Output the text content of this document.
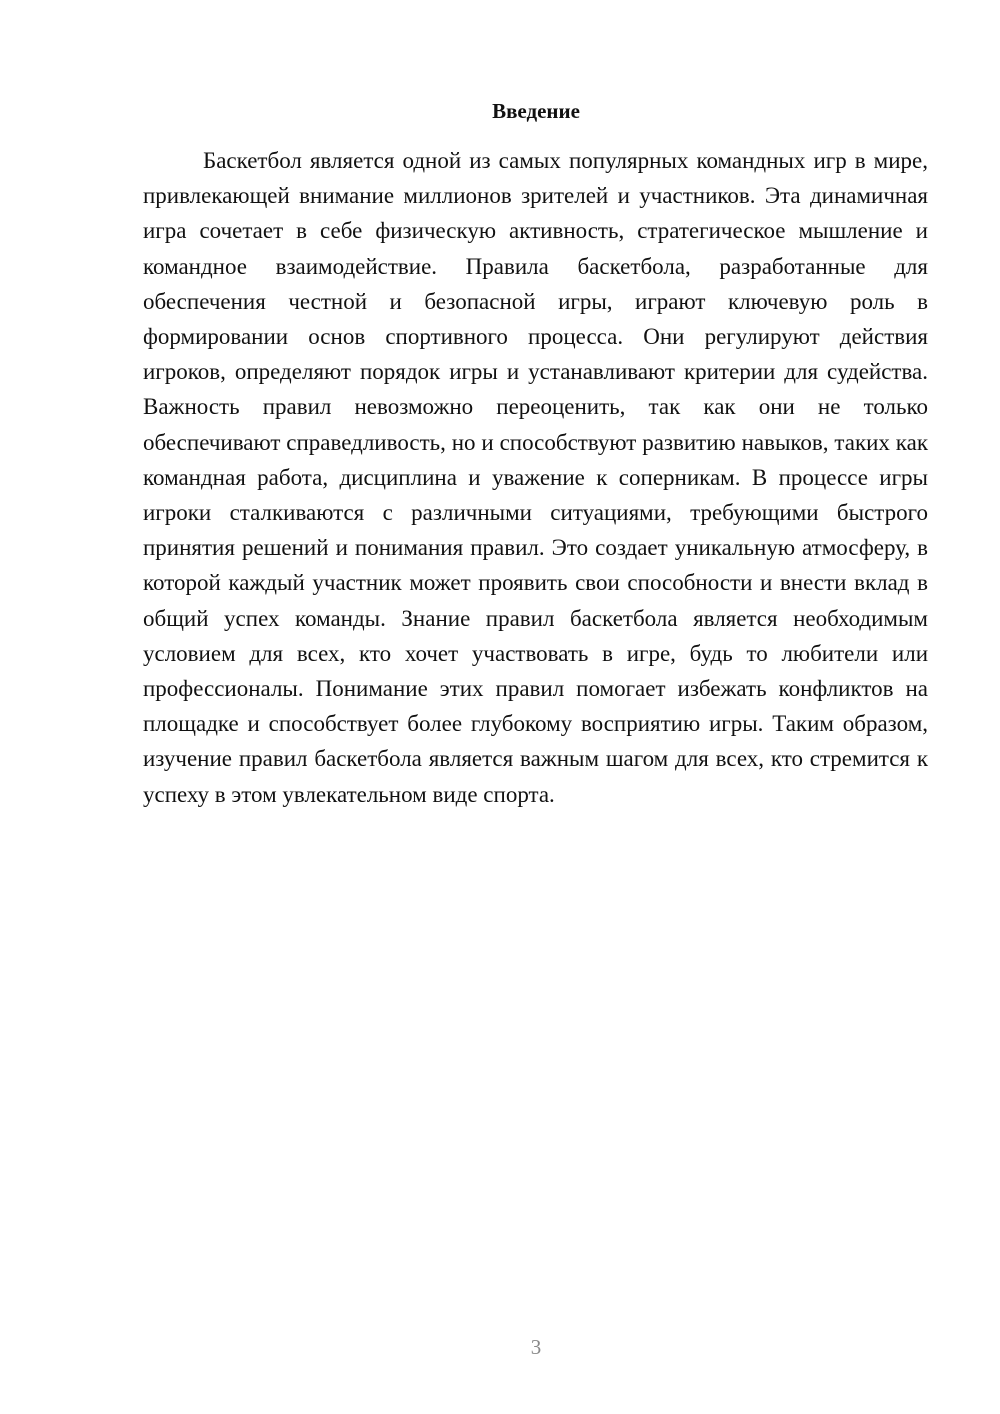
Введение

Баскетбол является одной из самых популярных командных игр в мире, привлекающей внимание миллионов зрителей и участников. Эта динамичная игра сочетает в себе физическую активность, стратегическое мышление и командное взаимодействие. Правила баскетбола, разработанные для обеспечения честной и безопасной игры, играют ключевую роль в формировании основ спортивного процесса. Они регулируют действия игроков, определяют порядок игры и устанавливают критерии для судейства. Важность правил невозможно переоценить, так как они не только обеспечивают справедливость, но и способствуют развитию навыков, таких как командная работа, дисциплина и уважение к соперникам. В процессе игры игроки сталкиваются с различными ситуациями, требующими быстрого принятия решений и понимания правил. Это создает уникальную атмосферу, в которой каждый участник может проявить свои способности и внести вклад в общий успех команды. Знание правил баскетбола является необходимым условием для всех, кто хочет участвовать в игре, будь то любители или профессионалы. Понимание этих правил помогает избежать конфликтов на площадке и способствует более глубокому восприятию игры. Таким образом, изучение правил баскетбола является важным шагом для всех, кто стремится к успеху в этом увлекательном виде спорта.

3
